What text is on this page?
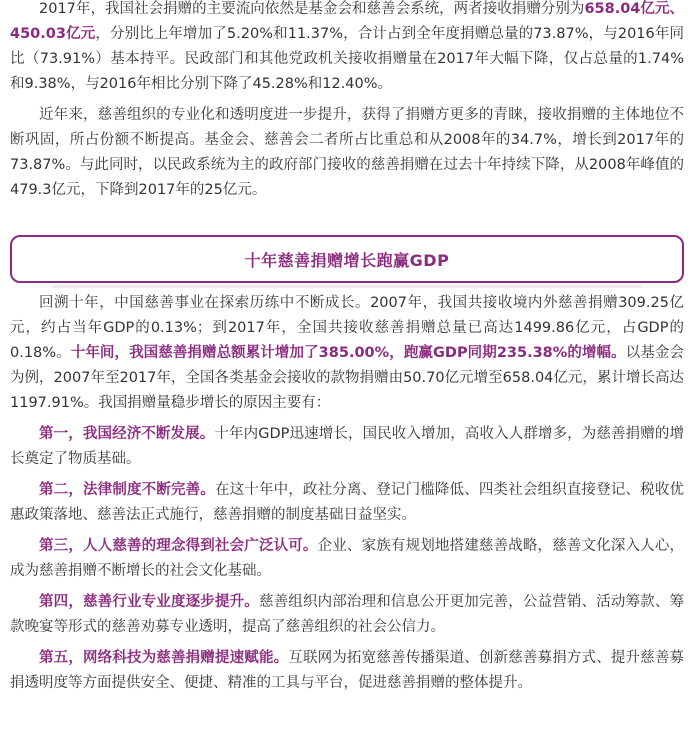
2017年，我国社会捐赠的主要流向依然是基金会和慈善会系统，两者接收捐赠分别为658.04亿元、450.03亿元，分别比上年增加了5.20%和11.37%，合计占到全年度捐赠总量的73.87%，与2016年同比（73.91%）基本持平。民政部门和其他党政机关接收捐赠量在2017年大幅下降，仅占总量的1.74%和9.38%，与2016年相比分别下降了45.28%和12.40%。

近年来，慈善组织的专业化和透明度进一步提升，获得了捐赠方更多的青睐，接收捐赠的主体地位不断巩固，所占份额不断提高。基金会、慈善会二者所占比重总和从2008年的34.7%，增长到2017年的73.87%。与此同时，以民政系统为主的政府部门接收的慈善捐赠在过去十年持续下降，从2008年峰值的479.3亿元，下降到2017年的25亿元。

十年慈善捐赠增长跑赢GDP

回溯十年，中国慈善事业在探索历练中不断成长。2007年，我国共接收境内外慈善捐赠309.25亿元，约占当年GDP的0.13%；到2017年，全国共接收慈善捐赠总量已高达1499.86亿元，占GDP的0.18%。十年间，我国慈善捐赠总额累计增加了385.00%，跑赢GDP同期235.38%的增幅。以基金会为例，2007年至2017年，全国各类基金会接收的款物捐赠由50.70亿元增至658.04亿元，累计增长高达1197.91%。我国捐赠量稳步增长的原因主要有：

第一，我国经济不断发展。十年内GDP迅速增长，国民收入增加，高收入人群增多，为慈善捐赠的增长奠定了物质基础。

第二，法律制度不断完善。在这十年中，政社分离、登记门槛降低、四类社会组织直接登记、税收优惠政策落地、慈善法正式施行，慈善捐赠的制度基础日益坚实。

第三，人人慈善的理念得到社会广泛认可。企业、家族有规划地搭建慈善战略，慈善文化深入人心，成为慈善捐赠不断增长的社会文化基础。

第四，慈善行业专业度逐步提升。慈善组织内部治理和信息公开更加完善，公益营销、活动筹款、筹款晚宴等形式的慈善劝募专业透明，提高了慈善组织的社会公信力。

第五，网络科技为慈善捐赠提速赋能。互联网为拓宽慈善传播渠道、创新慈善募捐方式、提升慈善募捐透明度等方面提供安全、便捷、精准的工具与平台，促进慈善捐赠的整体提升。
